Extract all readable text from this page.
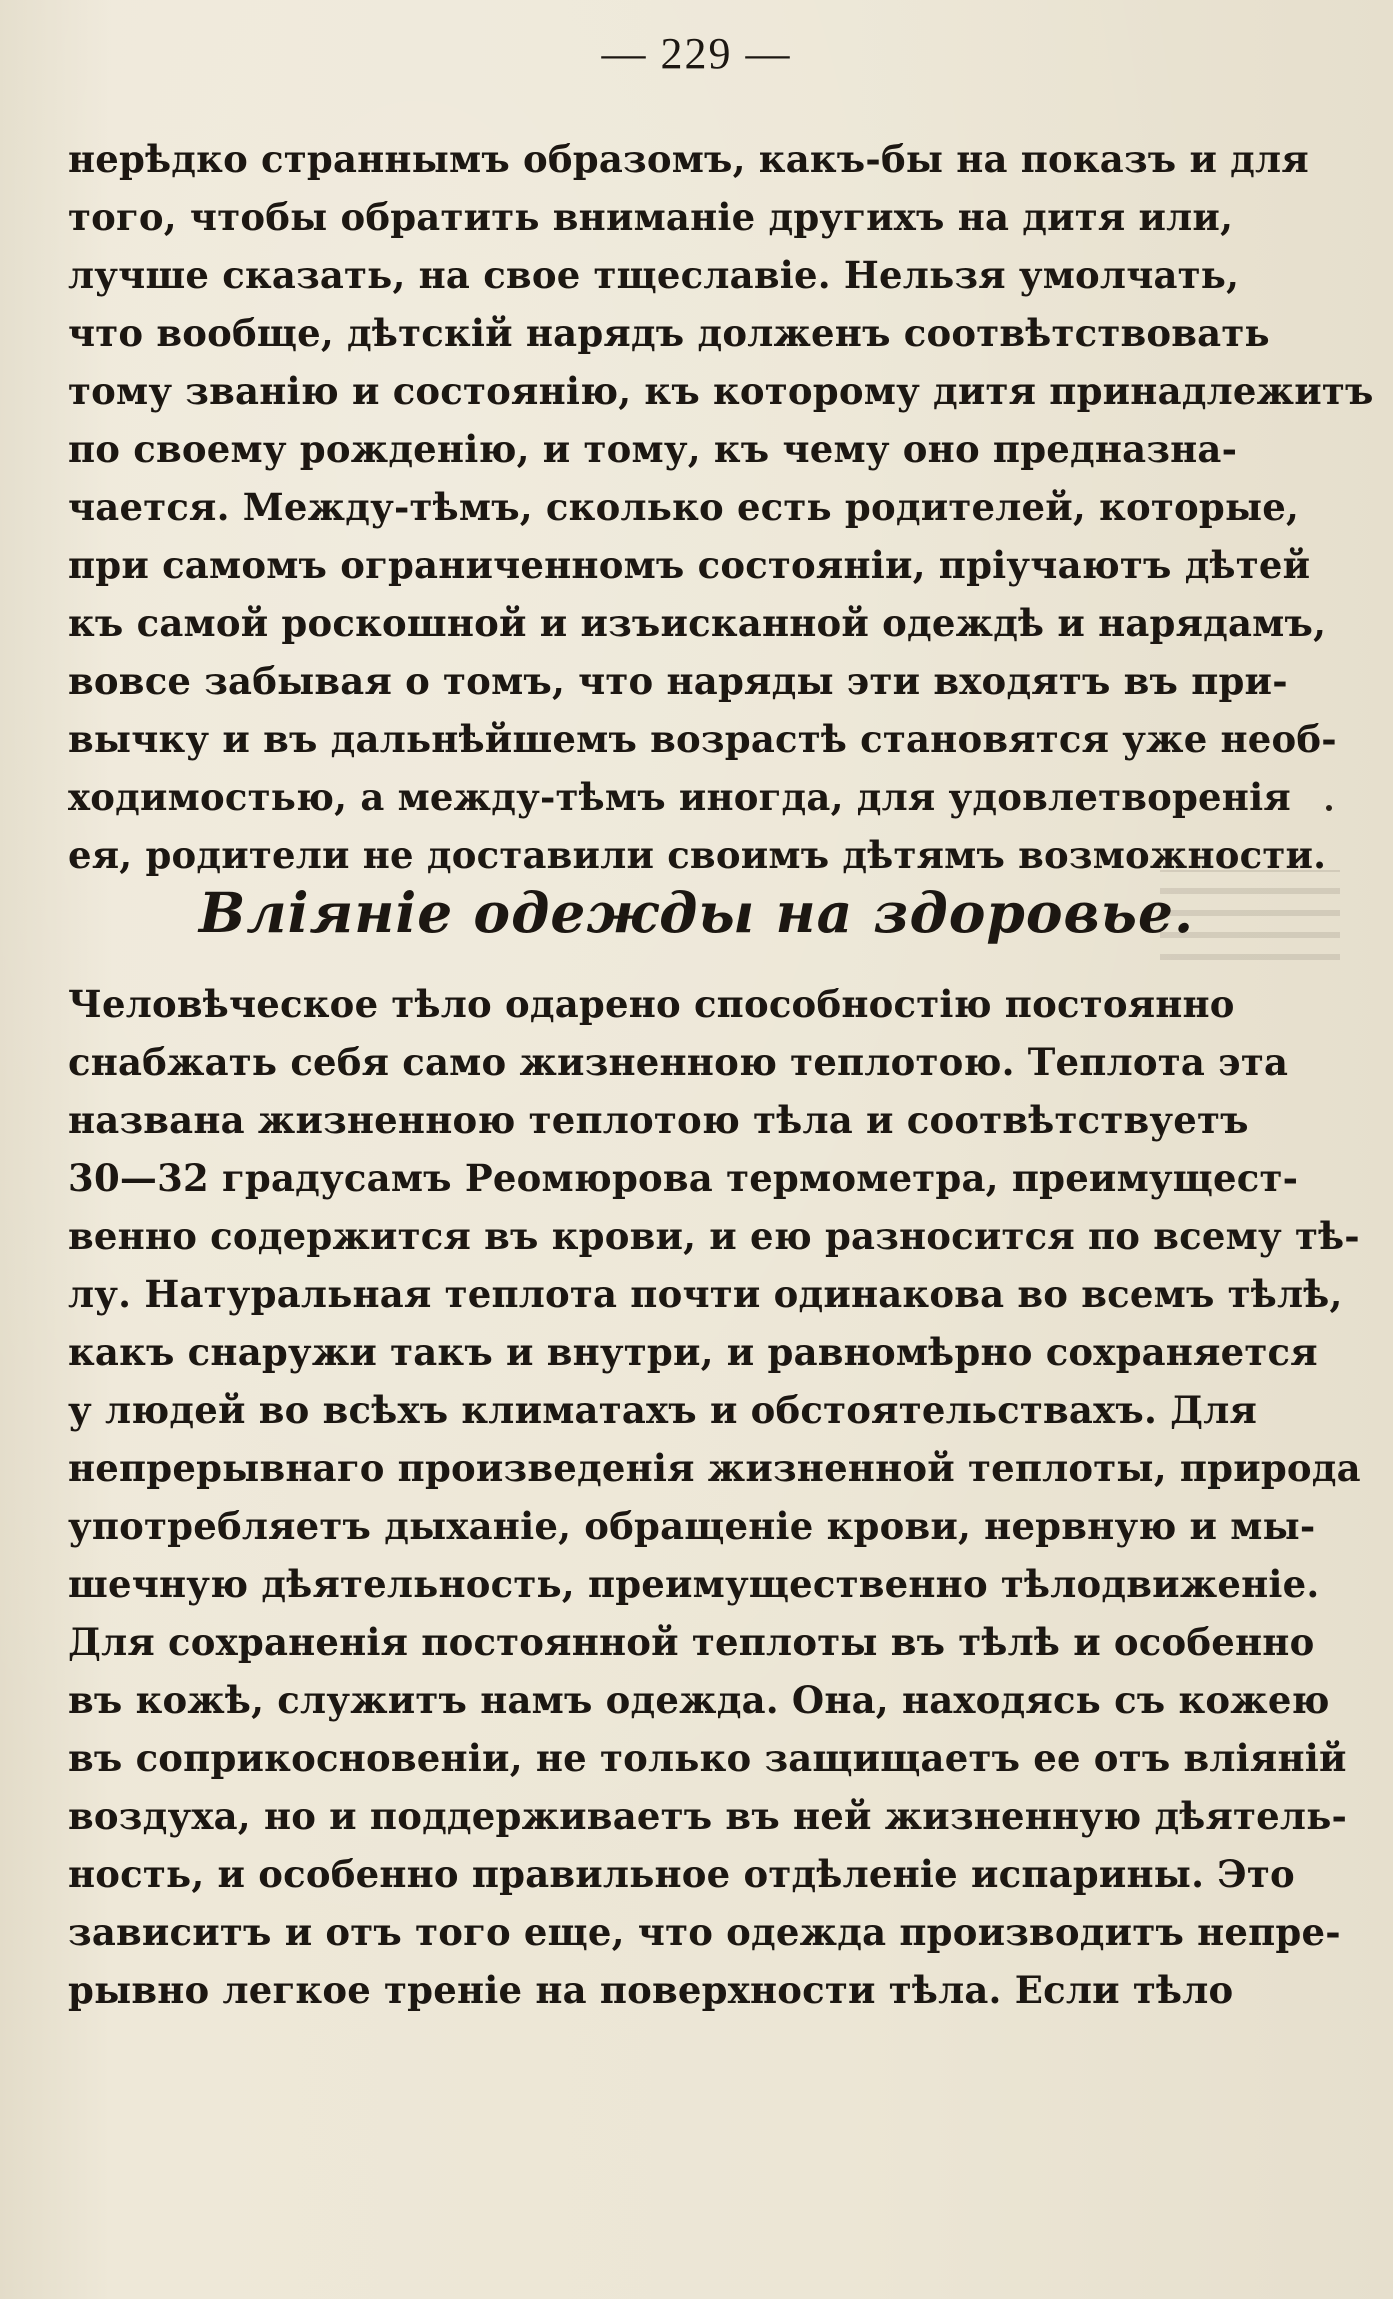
— 229 —
нерѣдко страннымъ образомъ, какъ-бы на показъ и для
того, чтобы обратить вниманіе другихъ на дитя или,
лучше сказать, на свое тщеславіе. Нельзя умолчать,
что вообще, дѣтскій нарядъ долженъ соотвѣтствовать
тому званію и состоянію, къ которому дитя принадлежитъ
по своему рожденію, и тому, къ чему оно предназна-
чается. Между-тѣмъ, сколько есть родителей, которые,
при самомъ ограниченномъ состояніи, пріучаютъ дѣтей
къ самой роскошной и изъисканной одеждѣ и нарядамъ,
вовсе забывая о томъ, что наряды эти входятъ въ при-
вычку и въ дальнѣйшемъ возрастѣ становятся уже необ-
ходимостью, а между-тѣмъ иногда, для удовлетворенія
ея, родители не доставили своимъ дѣтямъ возможности.
Вліяніе одежды на здоровье.
Человѣческое тѣло одарено способностію постоянно
снабжать себя само жизненною теплотою. Теплота эта
названа жизненною теплотою тѣла и соотвѣтствуетъ
30—32 градусамъ Реомюрова термометра, преимущест-
венно содержится въ крови, и ею разносится по всему тѣ-
лу. Натуральная теплота почти одинакова во всемъ тѣлѣ,
какъ снаружи такъ и внутри, и равномѣрно сохраняется
у людей во всѣхъ климатахъ и обстоятельствахъ. Для
непрерывнаго произведенія жизненной теплоты, природа
употребляетъ дыханіе, обращеніе крови, нервную и мы-
шечную дѣятельность, преимущественно тѣлодвиженіе.
Для сохраненія постоянной теплоты въ тѣлѣ и особенно
въ кожѣ, служитъ намъ одежда. Она, находясь съ кожею
въ соприкосновеніи, не только защищаетъ ее отъ вліяній
воздуха, но и поддерживаетъ въ ней жизненную дѣятель-
ность, и особенно правильное отдѣленіе испарины. Это
зависитъ и отъ того еще, что одежда производитъ непре-
рывно легкое треніе на поверхности тѣла. Если тѣло
